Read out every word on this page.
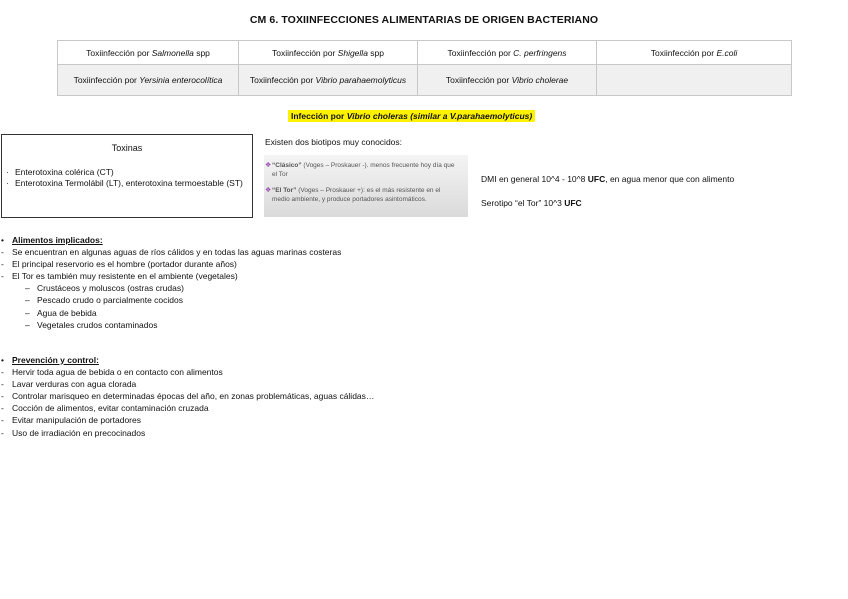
CM 6. TOXIINFECCIONES ALIMENTARIAS DE ORIGEN BACTERIANO
Toxiinfección por Salmonella spp	Toxiinfección por Shigella spp	Toxiinfección por C. perfringens	Toxiinfección por E.coli
Toxiinfección por Yersinia enterocolítica	Toxiinfección por Vibrio parahaemolyticus	Toxiinfección por Vibrio cholerae	
Infección por Vibrio choleras (similar a V.parahaemolyticus)
Toxinas
· Enterotoxina colérica (CT)
· Enterotoxina Termolábil (LT), enterotoxina termoestable (ST)
Existen dos biotipos muy conocidos:
❖ “Clásico” (Voges – Proskauer -). menos frecuente hoy día que el Tor
❖ “El Tor” (Voges – Proskauer +): es el más resistente en el medio ambiente, y produce portadores asintomáticos.
DMI en general 10^4 - 10^8 UFC, en agua menor que con alimento
Serotipo “el Tor” 10^3 UFC
• Alimentos implicados:
- Se encuentran en algunas aguas de ríos cálidos y en todas las aguas marinas costeras
- El principal reservorio es el hombre (portador durante años)
- El Tor es también muy resistente en el ambiente (vegetales)
– Crustáceos y moluscos (ostras crudas)
– Pescado crudo o parcialmente cocidos
– Agua de bebida
– Vegetales crudos contaminados
• Prevención y control:
- Hervir toda agua de bebida o en contacto con alimentos
- Lavar verduras con agua clorada
- Controlar marisqueo en determinadas épocas del año, en zonas problemáticas, aguas cálidas…
- Cocción de alimentos, evitar contaminación cruzada
- Evitar manipulación de portadores
- Uso de irradiación en precocinados
